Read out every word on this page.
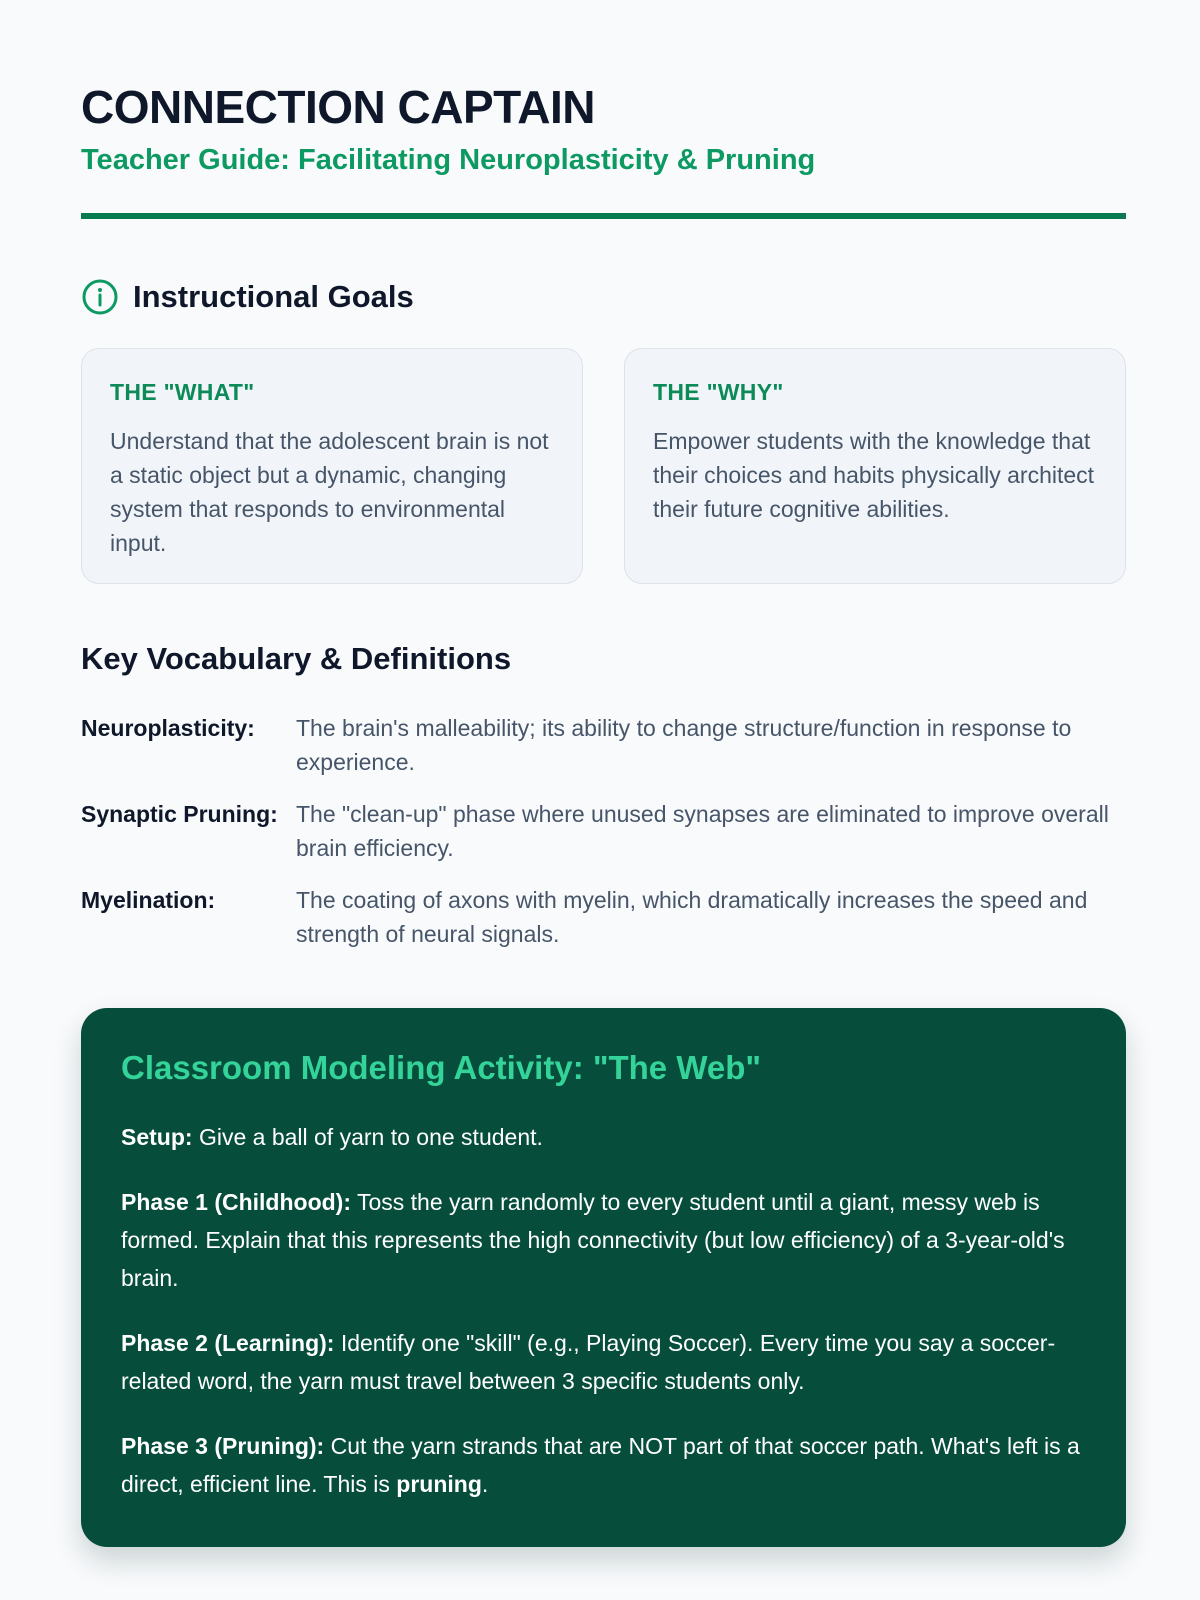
CONNECTION CAPTAIN
Teacher Guide: Facilitating Neuroplasticity & Pruning
Instructional Goals

THE "WHAT"

Understand that the adolescent brain is not a static object but a dynamic, changing system that responds to environmental input.

THE "WHY"

Empower students with the knowledge that their choices and habits physically architect their future cognitive abilities.

Key Vocabulary & Definitions
Neuroplasticity:	The brain's malleability; its ability to change structure/function in response to experience.
Synaptic Pruning: The "clean-up" phase where unused synapses are eliminated to improve overall brain efficiency.
Myelination:	The coating of axons with myelin, which dramatically increases the speed and strength of neural signals.
Classroom Modeling Activity: "The Web"

Setup: Give a ball of yarn to one student.

Phase 1 (Childhood): Toss the yarn randomly to every student until a giant, messy web is formed. Explain that this represents the high connectivity (but low efficiency) of a 3-year-old's brain.

Phase 2 (Learning): Identify one "skill" (e.g., Playing Soccer). Every time you say a soccer-related word, the yarn must travel between 3 specific students only.

Phase 3 (Pruning): Cut the yarn strands that are NOT part of that soccer path. What's left is a direct, efficient line. This is pruning.
